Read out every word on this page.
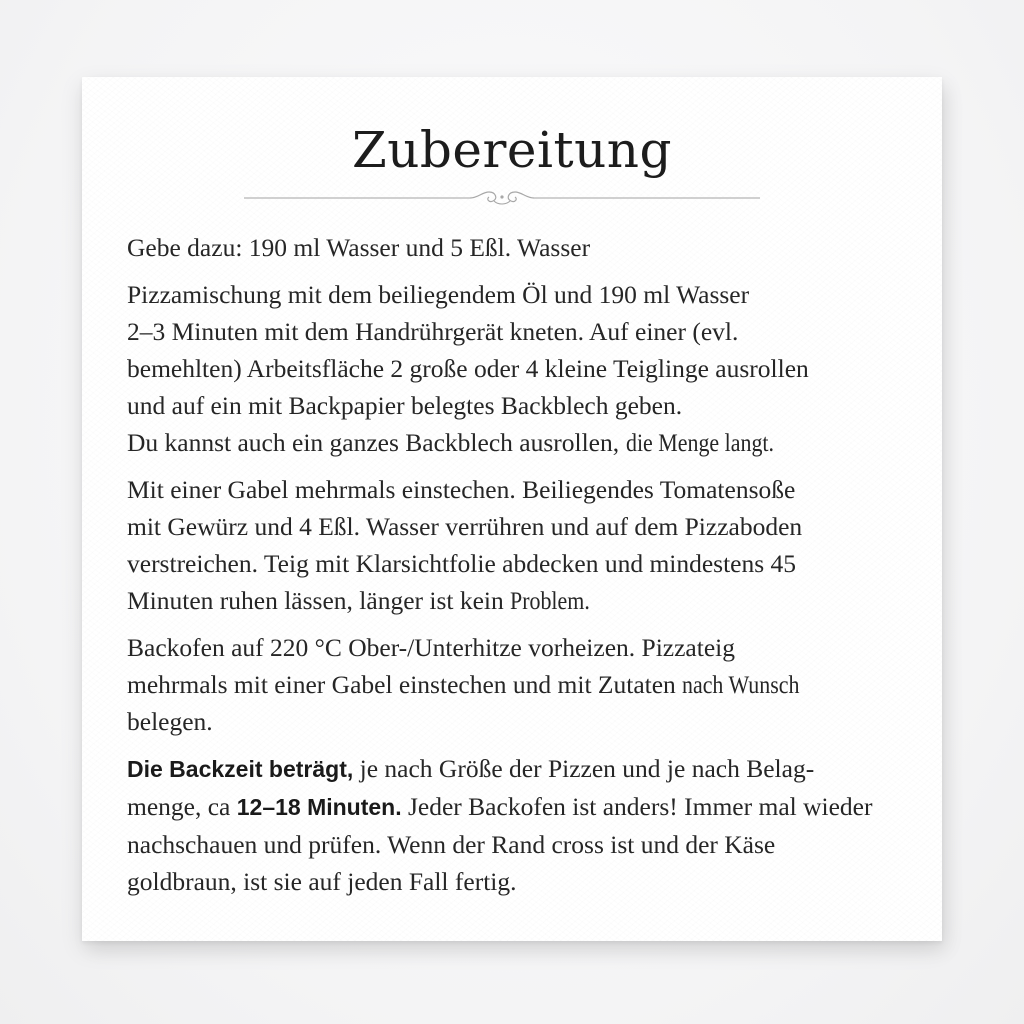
Zubereitung

Gebe dazu: 190 ml Wasser und 5 Eßl. Wasser

Pizzamischung mit dem beiliegendem Öl und 190 ml Wasser
2–3 Minuten mit dem Handrührgerät kneten. Auf einer (evl.
bemehlten) Arbeitsfläche 2 große oder 4 kleine Teiglinge ausrollen
und auf ein mit Backpapier belegtes Backblech geben.
Du kannst auch ein ganzes Backblech ausrollen, die Menge langt.

Mit einer Gabel mehrmals einstechen. Beiliegendes Tomatensoße
mit Gewürz und 4 Eßl. Wasser verrühren und auf dem Pizzaboden
verstreichen. Teig mit Klarsichtfolie abdecken und mindestens 45
Minuten ruhen lässen, länger ist kein Problem.

Backofen auf 220 °C Ober-/Unterhitze vorheizen. Pizzateig
mehrmals mit einer Gabel einstechen und mit Zutaten nach Wunsch
belegen.

Die Backzeit beträgt, je nach Größe der Pizzen und je nach Belag-
menge, ca 12–18 Minuten. Jeder Backofen ist anders! Immer mal wieder
nachschauen und prüfen. Wenn der Rand cross ist und der Käse
goldbraun, ist sie auf jeden Fall fertig.
